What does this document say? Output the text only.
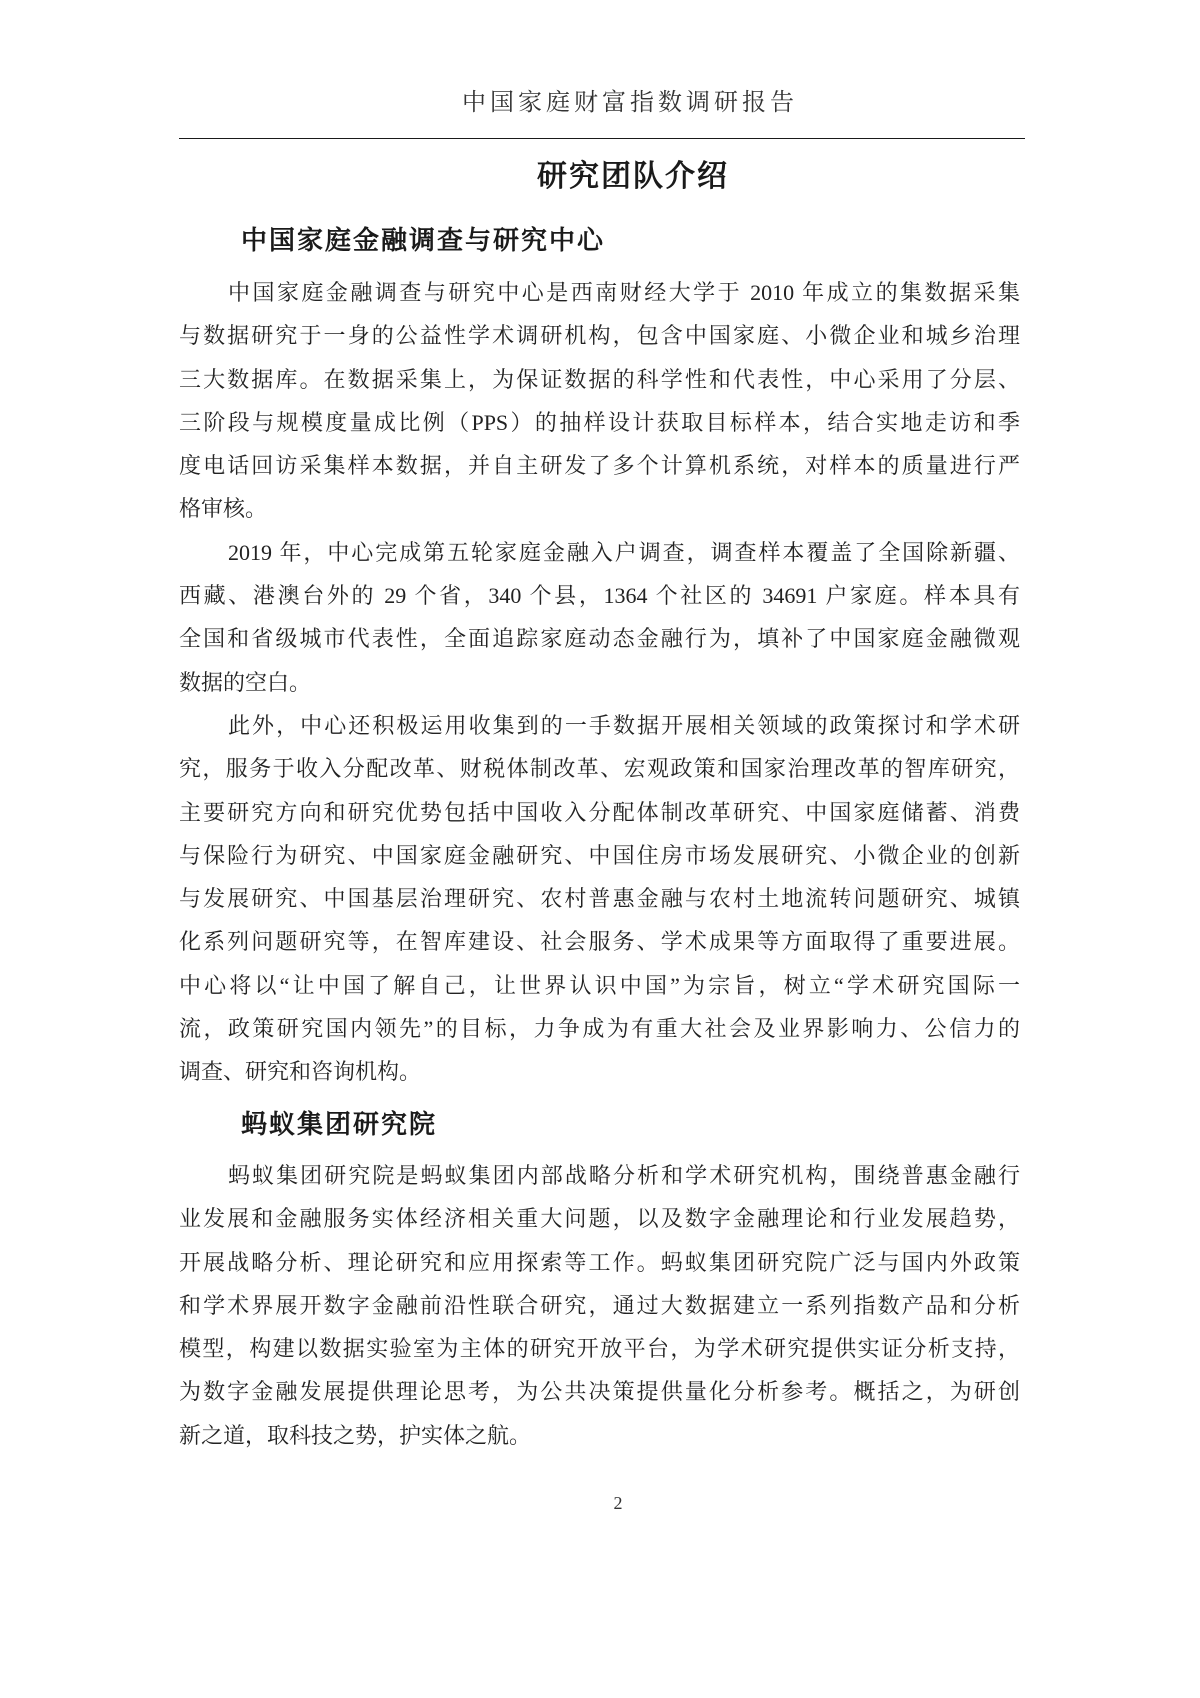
中国家庭财富指数调研报告
研究团队介绍
中国家庭金融调查与研究中心
中国家庭金融调查与研究中心是西南财经大学于 2010 年成立的集数据采集
与数据研究于一身的公益性学术调研机构，包含中国家庭、小微企业和城乡治理
三大数据库。在数据采集上，为保证数据的科学性和代表性，中心采用了分层、
三阶段与规模度量成比例（PPS）的抽样设计获取目标样本，结合实地走访和季
度电话回访采集样本数据，并自主研发了多个计算机系统，对样本的质量进行严
格审核。
2019 年，中心完成第五轮家庭金融入户调查，调查样本覆盖了全国除新疆、
西藏、港澳台外的 29 个省，340 个县，1364 个社区的 34691 户家庭。样本具有
全国和省级城市代表性，全面追踪家庭动态金融行为，填补了中国家庭金融微观
数据的空白。
此外，中心还积极运用收集到的一手数据开展相关领域的政策探讨和学术研
究，服务于收入分配改革、财税体制改革、宏观政策和国家治理改革的智库研究，
主要研究方向和研究优势包括中国收入分配体制改革研究、中国家庭储蓄、消费
与保险行为研究、中国家庭金融研究、中国住房市场发展研究、小微企业的创新
与发展研究、中国基层治理研究、农村普惠金融与农村土地流转问题研究、城镇
化系列问题研究等，在智库建设、社会服务、学术成果等方面取得了重要进展。
中心将以“让中国了解自己，让世界认识中国”为宗旨，树立“学术研究国际一
流，政策研究国内领先”的目标，力争成为有重大社会及业界影响力、公信力的
调查、研究和咨询机构。
蚂蚁集团研究院
蚂蚁集团研究院是蚂蚁集团内部战略分析和学术研究机构，围绕普惠金融行
业发展和金融服务实体经济相关重大问题，以及数字金融理论和行业发展趋势，
开展战略分析、理论研究和应用探索等工作。蚂蚁集团研究院广泛与国内外政策
和学术界展开数字金融前沿性联合研究，通过大数据建立一系列指数产品和分析
模型，构建以数据实验室为主体的研究开放平台，为学术研究提供实证分析支持，
为数字金融发展提供理论思考，为公共决策提供量化分析参考。概括之，为研创
新之道，取科技之势，护实体之航。
2
